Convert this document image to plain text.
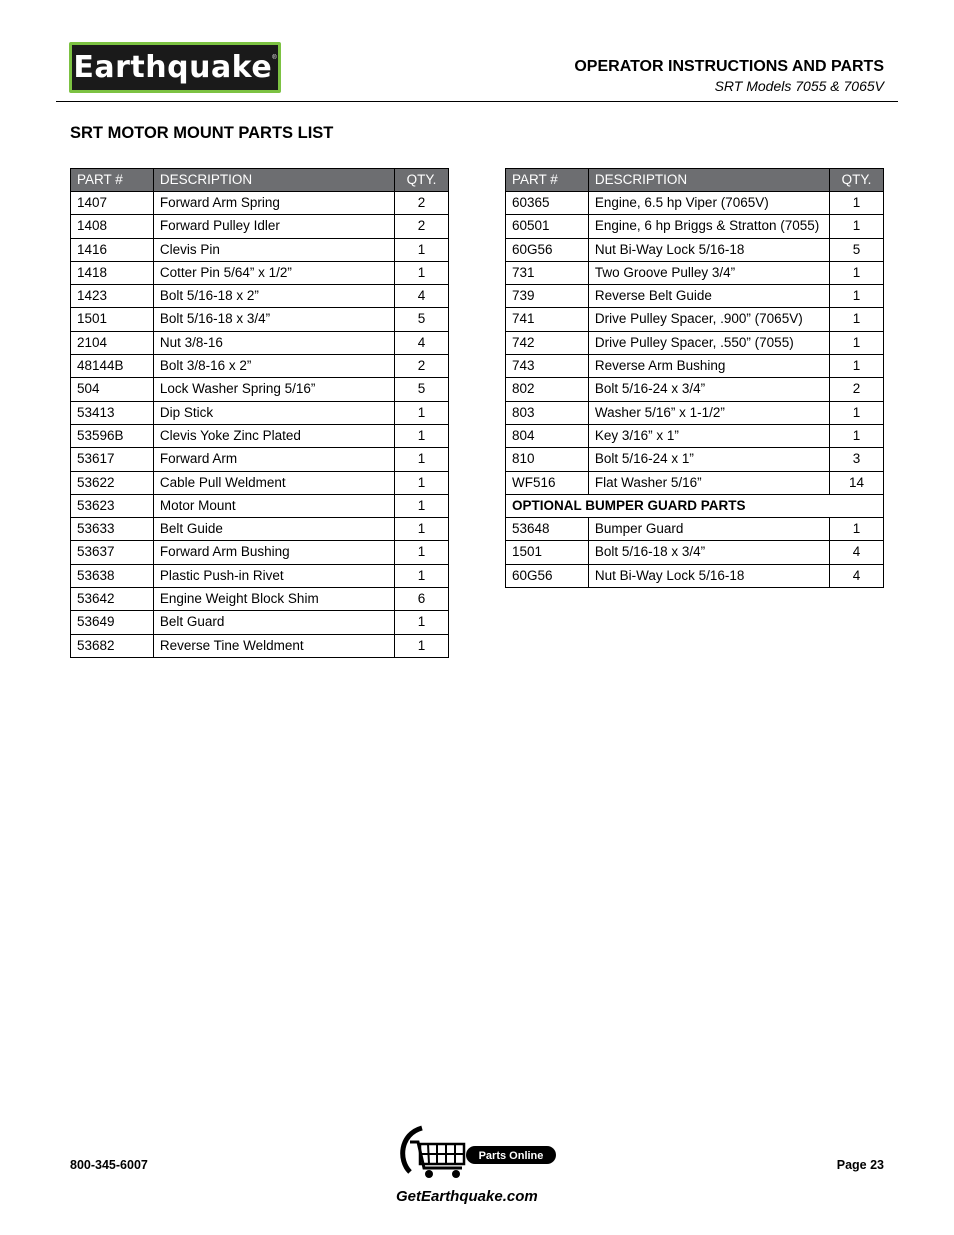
Earthquake ®
OPERATOR INSTRUCTIONS AND PARTS
SRT Models 7055 & 7065V
SRT MOTOR MOUNT PARTS LIST
PART #	DESCRIPTION	QTY.
1407	Forward Arm Spring	2
1408	Forward Pulley Idler	2
1416	Clevis Pin	1
1418	Cotter Pin 5/64” x 1/2”	1
1423	Bolt 5/16-18 x 2”	4
1501	Bolt 5/16-18 x 3/4”	5
2104	Nut 3/8-16	4
48144B	Bolt 3/8-16 x 2”	2
504	Lock Washer Spring 5/16”	5
53413	Dip Stick	1
53596B	Clevis Yoke Zinc Plated	1
53617	Forward Arm	1
53622	Cable Pull Weldment	1
53623	Motor Mount	1
53633	Belt Guide	1
53637	Forward Arm Bushing	1
53638	Plastic Push-in Rivet	1
53642	Engine Weight Block Shim	6
53649	Belt Guard	1
53682	Reverse Tine Weldment	1
PART #	DESCRIPTION	QTY.
60365	Engine, 6.5 hp Viper (7065V)	1
60501	Engine, 6 hp Briggs & Stratton (7055)	1
60G56	Nut Bi-Way Lock 5/16-18	5
731	Two Groove Pulley 3/4”	1
739	Reverse Belt Guide	1
741	Drive Pulley Spacer, .900” (7065V)	1
742	Drive Pulley Spacer, .550” (7055)	1
743	Reverse Arm Bushing	1
802	Bolt 5/16-24 x 3/4”	2
803	Washer 5/16” x 1-1/2”	1
804	Key 3/16” x 1”	1
810	Bolt 5/16-24 x 1”	3
WF516	Flat Washer 5/16”	14
OPTIONAL BUMPER GUARD PARTS		
53648	Bumper Guard	1
1501	Bolt 5/16-18 x 3/4”	4
60G56	Nut Bi-Way Lock 5/16-18	4
800-345-6007
Parts Online
GetEarthquake.com
Page 23
